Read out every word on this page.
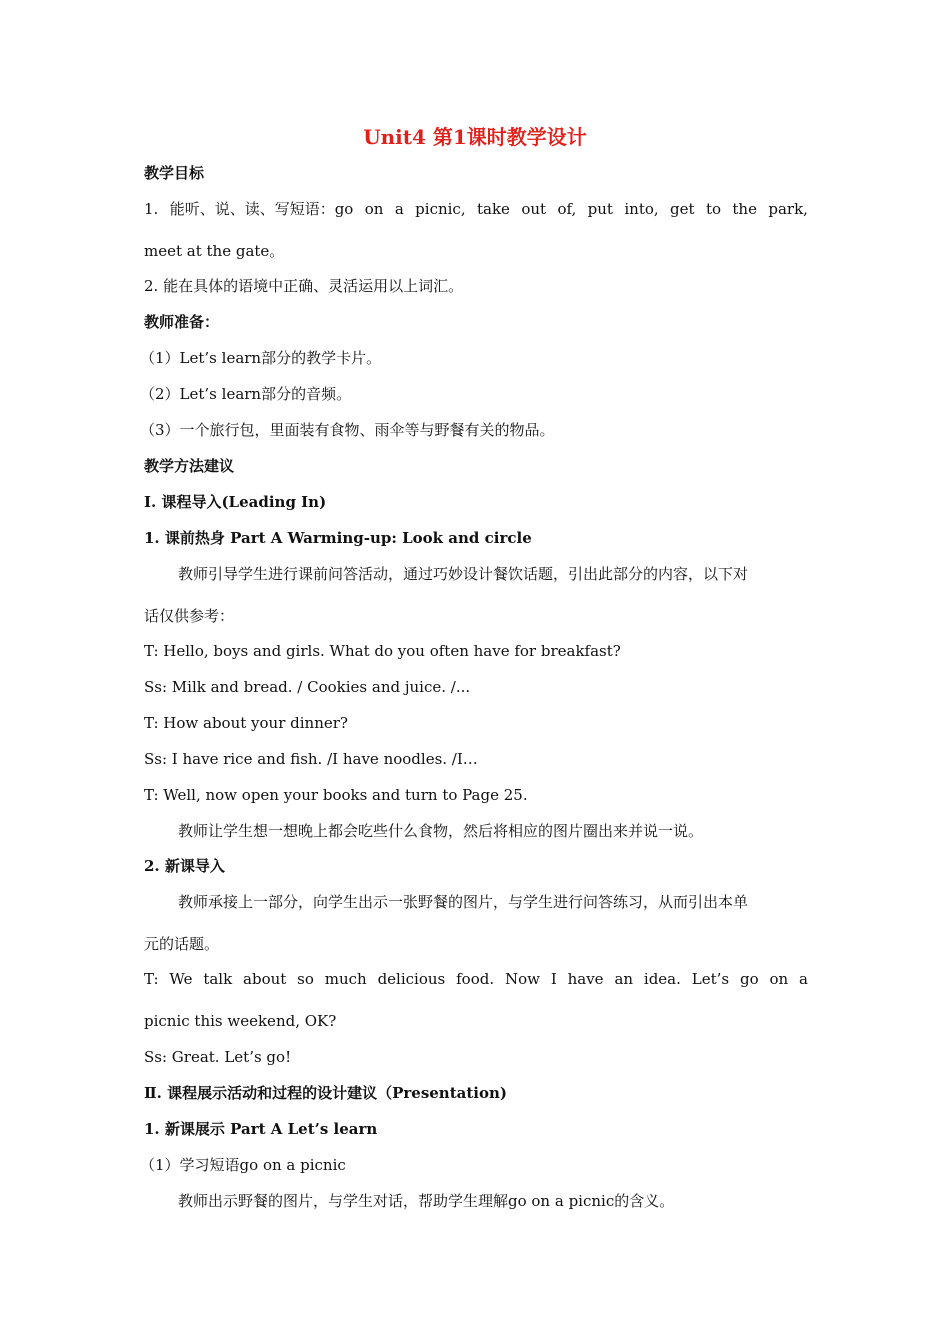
Unit4 第1课时教学设计
教学目标
1. 能听、说、读、写短语：go on a picnic, take out of, put into, get to the park,
meet at the gate。
2. 能在具体的语境中正确、灵活运用以上词汇。
教师准备：
（1）Let’s learn部分的教学卡片。
（2）Let’s learn部分的音频。
（3）一个旅行包，里面装有食物、雨伞等与野餐有关的物品。
教学方法建议
I. 课程导入(Leading In)
1. 课前热身 Part A Warming-up: Look and circle
教师引导学生进行课前问答活动，通过巧妙设计餐饮话题，引出此部分的内容，以下对
话仅供参考：
T: Hello, boys and girls. What do you often have for breakfast?
Ss: Milk and bread. / Cookies and juice. /...
T: How about your dinner?
Ss: I have rice and fish. /I have noodles. /I…
T: Well, now open your books and turn to Page 25.
教师让学生想一想晚上都会吃些什么食物，然后将相应的图片圈出来并说一说。
2. 新课导入
教师承接上一部分，向学生出示一张野餐的图片，与学生进行问答练习，从而引出本单
元的话题。
T: We talk about so much delicious food. Now I have an idea. Let’s go on a
picnic this weekend, OK?
Ss: Great. Let’s go!
Ⅱ. 课程展示活动和过程的设计建议（Presentation)
1. 新课展示 Part A Let’s learn
（1）学习短语go on a picnic
教师出示野餐的图片，与学生对话，帮助学生理解go on a picnic的含义。
